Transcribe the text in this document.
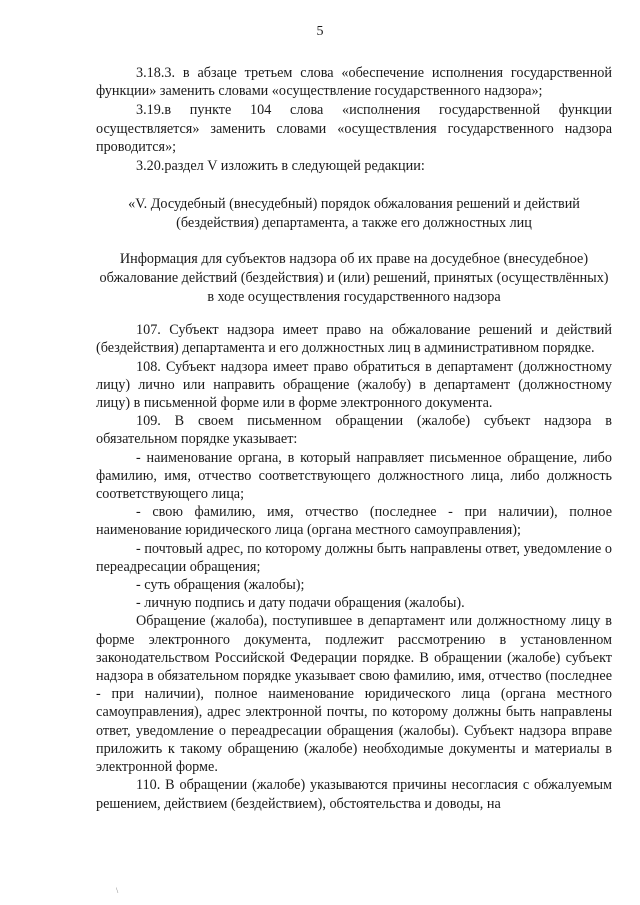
5

3.18.3. в абзаце третьем слова «обеспечение исполнения государственной функции» заменить словами «осуществление государственного надзора»;

3.19.в пункте 104 слова «исполнения государственной функции осуществляется» заменить словами «осуществления государственного надзора проводится»;

3.20.раздел V изложить в следующей редакции:

«V. Досудебный (внесудебный) порядок обжалования решений и действий (бездействия) департамента, а также его должностных лиц

Информация для субъектов надзора об их праве на досудебное (внесудебное) обжалование действий (бездействия) и (или) решений, принятых (осуществлённых) в ходе осуществления государственного надзора

107. Субъект надзора имеет право на обжалование решений и действий (бездействия) департамента и его должностных лиц в административном порядке.

108. Субъект надзора имеет право обратиться в департамент (должностному лицу) лично или направить обращение (жалобу) в департамент (должностному лицу) в письменной форме или в форме электронного документа.

109. В своем письменном обращении (жалобе) субъект надзора в обязательном порядке указывает:

- наименование органа, в который направляет письменное обращение, либо фамилию, имя, отчество соответствующего должностного лица, либо должность соответствующего лица;

- свою фамилию, имя, отчество (последнее - при наличии), полное наименование юридического лица (органа местного самоуправления);

- почтовый адрес, по которому должны быть направлены ответ, уведомление о переадресации обращения;

- суть обращения (жалобы);

- личную подпись и дату подачи обращения (жалобы).

Обращение (жалоба), поступившее в департамент или должностному лицу в форме электронного документа, подлежит рассмотрению в установленном законодательством Российской Федерации порядке. В обращении (жалобе) субъект надзора в обязательном порядке указывает свою фамилию, имя, отчество (последнее - при наличии), полное наименование юридического лица (органа местного самоуправления), адрес электронной почты, по которому должны быть направлены ответ, уведомление о переадресации обращения (жалобы). Субъект надзора вправе приложить к такому обращению (жалобе) необходимые документы и материалы в электронной форме.

110. В обращении (жалобе) указываются причины несогласия с обжалуемым решением, действием (бездействием), обстоятельства и доводы, на

\
